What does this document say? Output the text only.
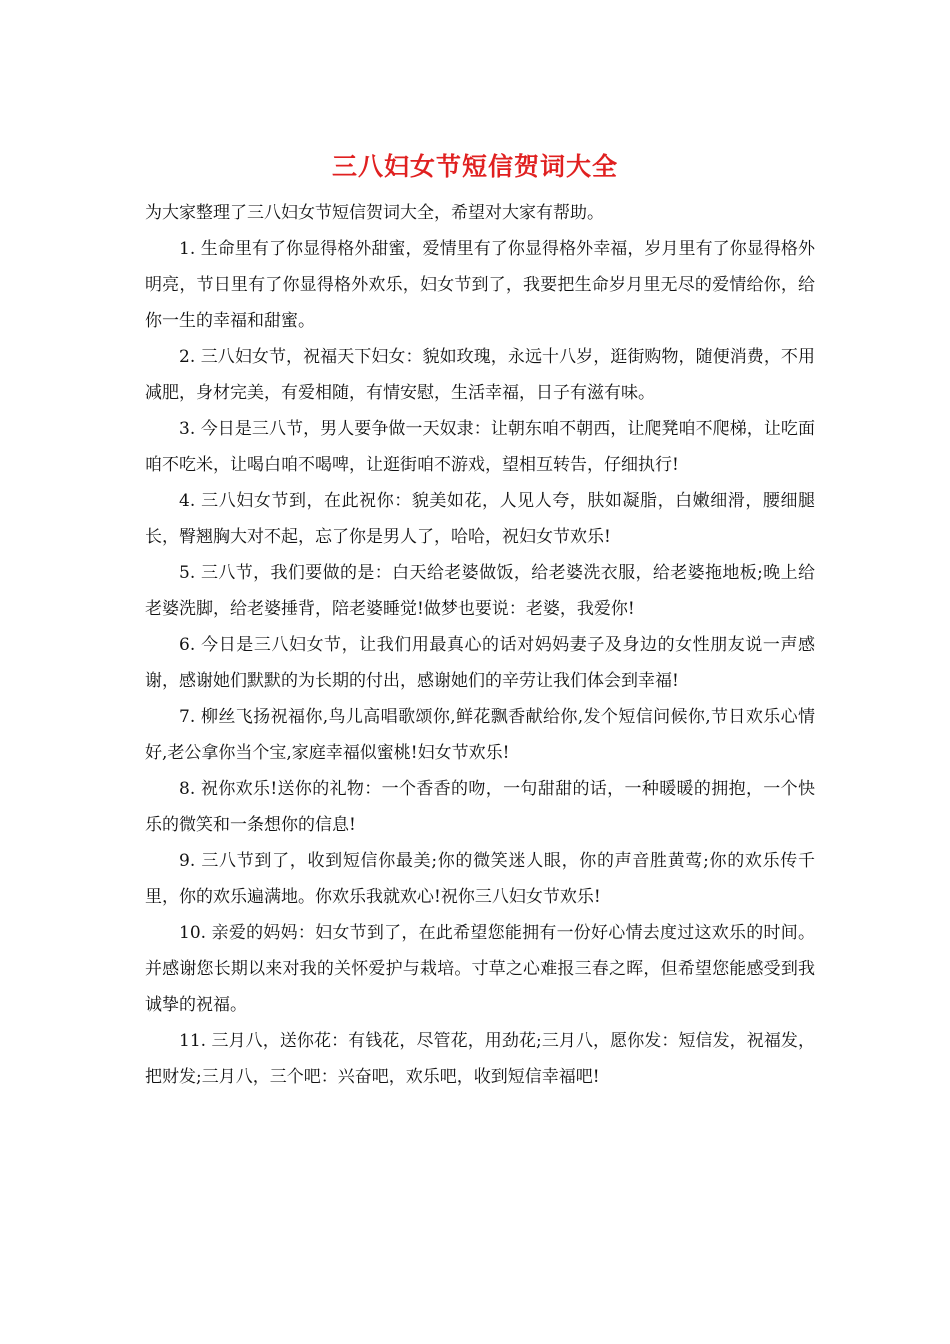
三八妇女节短信贺词大全

为大家整理了三八妇女节短信贺词大全，希望对大家有帮助。

1. 生命里有了你显得格外甜蜜，爱情里有了你显得格外幸福，岁月里有了你显得格外明亮，节日里有了你显得格外欢乐，妇女节到了，我要把生命岁月里无尽的爱情给你，给你一生的幸福和甜蜜。

2. 三八妇女节，祝福天下妇女：貌如玫瑰，永远十八岁，逛街购物，随便消费，不用减肥，身材完美，有爱相随，有情安慰，生活幸福，日子有滋有味。

3. 今日是三八节，男人要争做一天奴隶：让朝东咱不朝西，让爬凳咱不爬梯，让吃面咱不吃米，让喝白咱不喝啤，让逛街咱不游戏，望相互转告，仔细执行!

4. 三八妇女节到，在此祝你：貌美如花，人见人夸，肤如凝脂，白嫩细滑，腰细腿长，臀翘胸大对不起，忘了你是男人了，哈哈，祝妇女节欢乐!

5. 三八节，我们要做的是：白天给老婆做饭，给老婆洗衣服，给老婆拖地板;晚上给老婆洗脚，给老婆捶背，陪老婆睡觉!做梦也要说：老婆，我爱你!

6. 今日是三八妇女节，让我们用最真心的话对妈妈妻子及身边的女性朋友说一声感谢，感谢她们默默的为长期的付出，感谢她们的辛劳让我们体会到幸福!

7. 柳丝飞扬祝福你,鸟儿高唱歌颂你,鲜花飘香献给你,发个短信问候你,节日欢乐心情好,老公拿你当个宝,家庭幸福似蜜桃!妇女节欢乐!

8. 祝你欢乐!送你的礼物：一个香香的吻，一句甜甜的话，一种暖暖的拥抱，一个快乐的微笑和一条想你的信息!

9. 三八节到了，收到短信你最美;你的微笑迷人眼，你的声音胜黄莺;你的欢乐传千里，你的欢乐遍满地。你欢乐我就欢心!祝你三八妇女节欢乐!

10. 亲爱的妈妈：妇女节到了，在此希望您能拥有一份好心情去度过这欢乐的时间。并感谢您长期以来对我的关怀爱护与栽培。寸草之心难报三春之晖，但希望您能感受到我诚挚的祝福。

11. 三月八，送你花：有钱花，尽管花，用劲花;三月八，愿你发：短信发，祝福发，把财发;三月八，三个吧：兴奋吧，欢乐吧，收到短信幸福吧!
